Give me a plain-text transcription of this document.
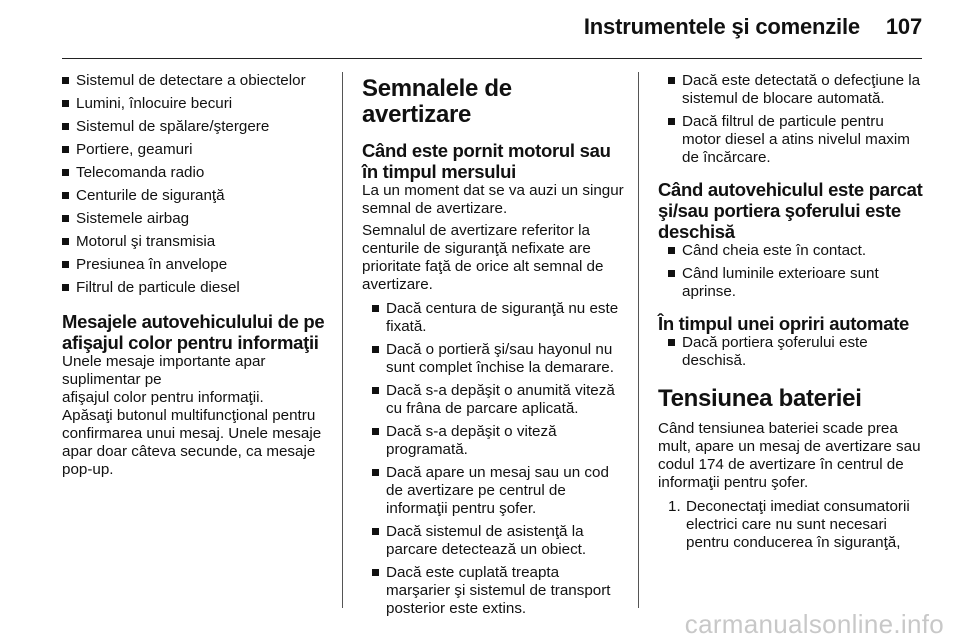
Instrumentele şi comenzile 107
Sistemul de detectare a obiectelor
Lumini, înlocuire becuri
Sistemul de spălare/ştergere
Portiere, geamuri
Telecomanda radio
Centurile de siguranţă
Sistemele airbag
Motorul şi transmisia
Presiunea în anvelope
Filtrul de particule diesel
Mesajele autovehiculului de pe afişajul color pentru informaţii

Unele mesaje importante apar suplimentar pe

afişajul color pentru informaţii.

Apăsaţi butonul multifuncţional pentru confirmarea unui mesaj. Unele mesaje apar doar câteva secunde, ca mesaje pop-up.

Semnalele de avertizare
Când este pornit motorul sau în timpul mersului

La un moment dat se va auzi un singur semnal de avertizare.

Semnalul de avertizare referitor la centurile de siguranţă nefixate are prioritate faţă de orice alt semnal de avertizare.

Dacă centura de siguranţă nu este fixată.
Dacă o portieră şi/sau hayonul nu sunt complet închise la demarare.
Dacă s-a depăşit o anumită viteză cu frâna de parcare aplicată.
Dacă s-a depăşit o viteză programată.
Dacă apare un mesaj sau un cod de avertizare pe centrul de informaţii pentru şofer.
Dacă sistemul de asistenţă la parcare detectează un obiect.
Dacă este cuplată treapta marşarier şi sistemul de transport posterior este extins.
Dacă este detectată o defecţiune la sistemul de blocare automată.
Dacă filtrul de particule pentru motor diesel a atins nivelul maxim de încărcare.
Când autovehiculul este parcat şi/sau portiera şoferului este deschisă
Când cheia este în contact.
Când luminile exterioare sunt aprinse.
În timpul unei opriri automate
Dacă portiera şoferului este deschisă.
Tensiunea bateriei

Când tensiunea bateriei scade prea mult, apare un mesaj de avertizare sau codul 174 de avertizare în centrul de informaţii pentru şofer.

1. Deconectaţi imediat consumatorii electrici care nu sunt necesari pentru conducerea în siguranţă,
carmanualsonline.info
